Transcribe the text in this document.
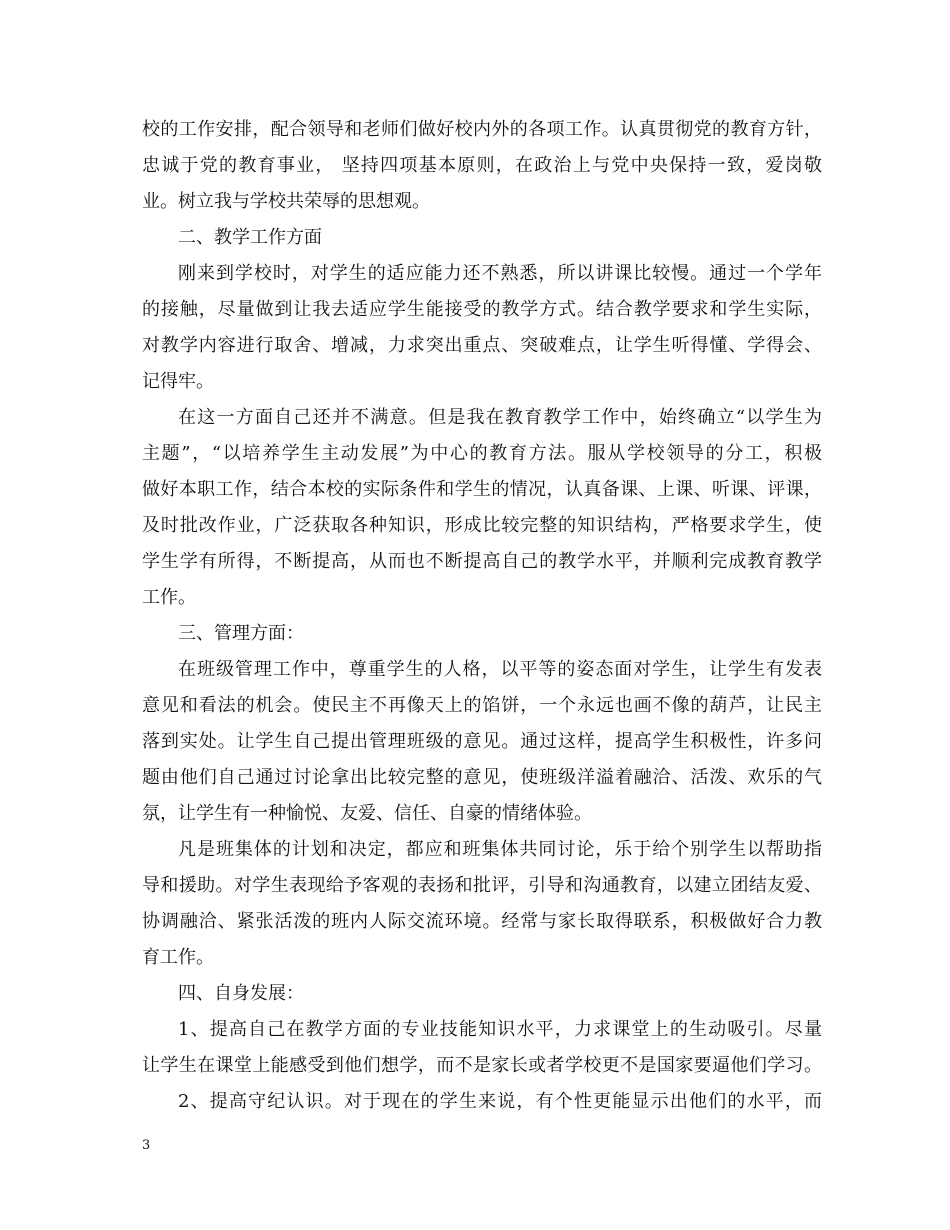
校的工作安排，配合领导和老师们做好校内外的各项工作。认真贯彻党的教育方针，

忠诚于党的教育事业， 坚持四项基本原则，在政治上与党中央保持一致，爱岗敬

业。树立我与学校共荣辱的思想观。

二、教学工作方面

刚来到学校时，对学生的适应能力还不熟悉，所以讲课比较慢。通过一个学年

的接触，尽量做到让我去适应学生能接受的教学方式。结合教学要求和学生实际，

对教学内容进行取舍、增减，力求突出重点、突破难点，让学生听得懂、学得会、

记得牢。

在这一方面自己还并不满意。但是我在教育教学工作中，始终确立“以学生为

主题”，“以培养学生主动发展”为中心的教育方法。服从学校领导的分工，积极

做好本职工作，结合本校的实际条件和学生的情况，认真备课、上课、听课、评课，

及时批改作业，广泛获取各种知识，形成比较完整的知识结构，严格要求学生，使

学生学有所得，不断提高，从而也不断提高自己的教学水平，并顺利完成教育教学

工作。

三、管理方面：

在班级管理工作中，尊重学生的人格，以平等的姿态面对学生，让学生有发表

意见和看法的机会。使民主不再像天上的馅饼，一个永远也画不像的葫芦，让民主

落到实处。让学生自己提出管理班级的意见。通过这样，提高学生积极性，许多问

题由他们自己通过讨论拿出比较完整的意见，使班级洋溢着融洽、活泼、欢乐的气

氛，让学生有一种愉悦、友爱、信任、自豪的情绪体验。

凡是班集体的计划和决定，都应和班集体共同讨论，乐于给个别学生以帮助指

导和援助。对学生表现给予客观的表扬和批评，引导和沟通教育，以建立团结友爱、

协调融洽、紧张活泼的班内人际交流环境。经常与家长取得联系，积极做好合力教

育工作。

四、自身发展：

1、提高自己在教学方面的专业技能知识水平，力求课堂上的生动吸引。尽量

让学生在课堂上能感受到他们想学，而不是家长或者学校更不是国家要逼他们学习。

2、提高守纪认识。对于现在的学生来说，有个性更能显示出他们的水平，而

3
